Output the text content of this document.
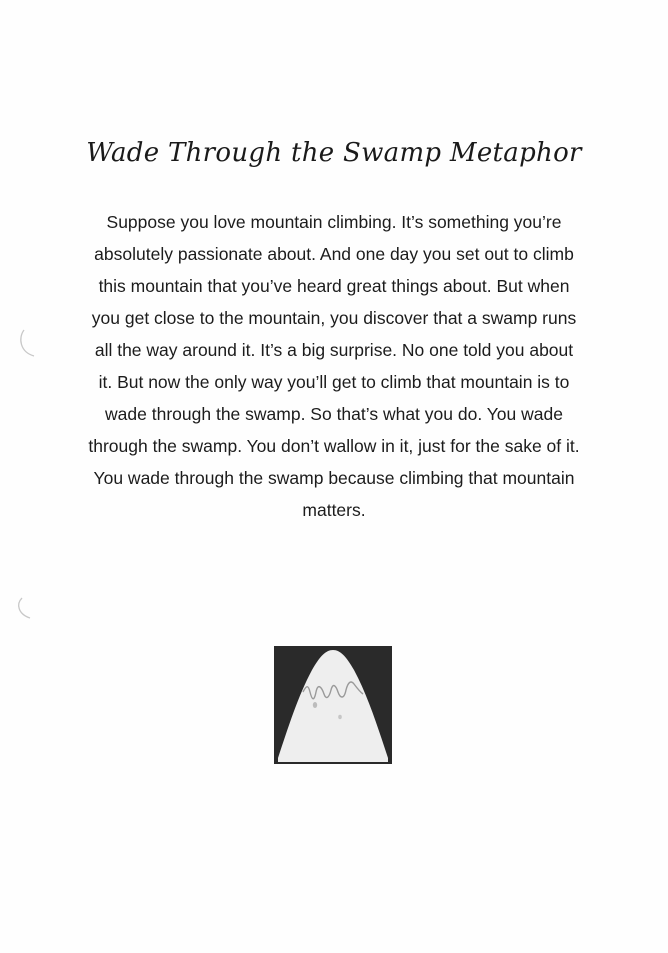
Wade Through the Swamp Metaphor

Suppose you love mountain climbing. It’s something you’re absolutely passionate about. And one day you set out to climb this mountain that you’ve heard great things about. But when you get close to the mountain, you discover that a swamp runs all the way around it. It’s a big surprise. No one told you about it. But now the only way you’ll get to climb that mountain is to wade through the swamp. So that’s what you do. You wade through the swamp. You don’t wallow in it, just for the sake of it. You wade through the swamp because climbing that mountain matters.
